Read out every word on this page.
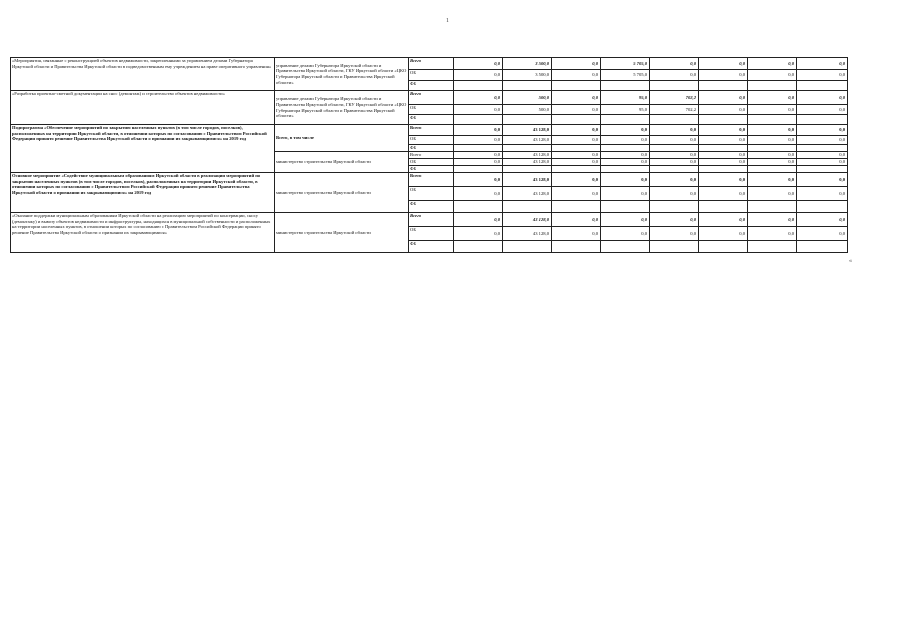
1
«
«Мероприятия, связанные с реконструкцией объектов недвижимости, закрепленными за управлением делами Губернатора Иркутской области и Правительства Иркутской области в подведомственным ему учреждением на праве оперативного управления»	управление делами Губернатора Иркутской области и Правительства Иркутской области, ГКУ Иркутской области «ЦКО Губернатора Иркутской области и Правительства Иркутской области»	Всего	0,0	3 500,0	0,0	5 705,0	0,0	0,0	0,0	0,0
		ОБ	0,0	3 500,0	0,0	5 705,0	0,0	0,0	0,0	0,0
		ФБ								
«Разработка проектно-сметной документации на снос (демонтаж) и строительство объектов недвижимости»	управление делами Губернатора Иркутской области и Правительства Иркутской области, ГКУ Иркутской области «ЦКО Губернатора Иркутской области и Правительства Иркутской области»	Всего	0,0	500,0	0,0	95,0	702,2	0,0	0,0	0,0
		ОБ	0,0	500,0	0,0	95,0	702,2	0,0	0,0	0,0
		ФБ								
Подпрограмма «Обеспечение мероприятий по закрытию населенных пунктов (в том числе городов, поселков), расположенных на территории Иркутской области, в отношении которых по согласованию с Правительством Российской Федерации принято решение Правительства Иркутской области о признании их закрывающимися» на 2019 год	Всего, в том числе	Всего	0,0	43 128,0	0,0	0,0	0,0	0,0	0,0	0,0
		ОБ	0,0	43 128,0	0,0	0,0	0,0	0,0	0,0	0,0
		ФБ								
	министерство строительства Иркутской области	Всего	0,0	43 128,0	0,0	0,0	0,0	0,0	0,0	0,0
		ОБ	0,0	43 128,0	0,0	0,0	0,0	0,0	0,0	0,0
		ФБ								
Основное мероприятие «Содействие муниципальным образованиям Иркутской области в реализации мероприятий по закрытию населенных пунктов (в том числе городов, поселков), расположенных на территории Иркутской области, в отношении которых по согласованию с Правительством Российской Федерации принято решение Правительства Иркутской области о признании их закрывающимися» на 2019 год	министерство строительства Иркутской области	Всего	0,0	43 128,0	0,0	0,0	0,0	0,0	0,0	0,0
		ОБ	0,0	43 128,0	0,0	0,0	0,0	0,0	0,0	0,0
		ФБ								
«Оказание поддержки муниципальным образованиям Иркутской области на реализацию мероприятий по консервации, сносу (демонтажу) и вывозу объектов недвижимости и инфраструктуры, находящихся в муниципальной собственности и расположенных на территории населенных пунктов, в отношении которых по согласованию с Правительством Российской Федерации принято решение Правительства Иркутской области о признании их закрывающимися»	министерство строительства Иркутской области	Всего	0,0	43 128,0	0,0	0,0	0,0	0,0	0,0	0,0
		ОБ	0,0	43 128,0	0,0	0,0	0,0	0,0	0,0	0,0
		ФБ								
